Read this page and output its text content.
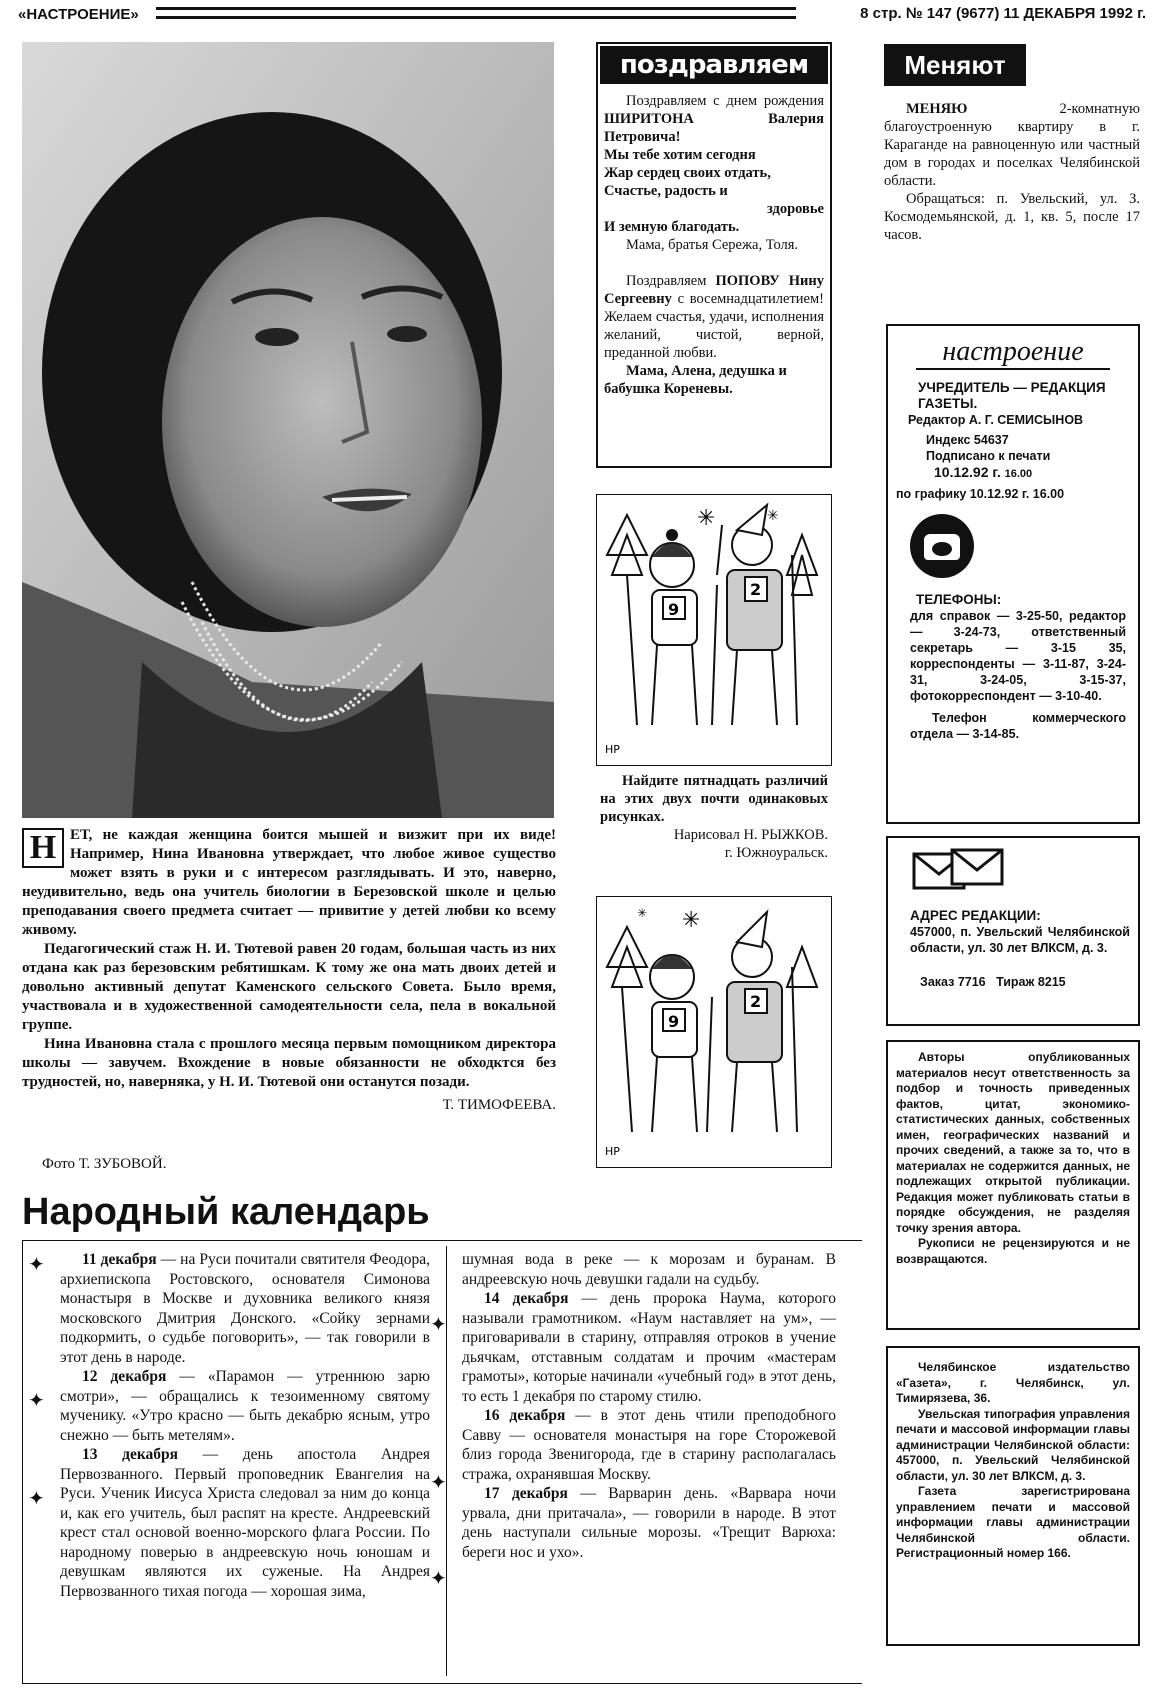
«НАСТРОЕНИЕ»	8 стр. № 147 (9677) 11 ДЕКАБРЯ 1992 г.
Н ЕТ, не каждая женщина боится мышей и визжит при их виде! Например, Нина Ивановна утверждает, что любое живое существо может взять в руки и с интересом разглядывать. И это, наверно, неудивительно, ведь она учитель биологии в Березовской школе и целью преподавания своего предмета считает — привитие у детей любви ко всему живому.

Педагогический стаж Н. И. Тютевой равен 20 годам, большая часть из них отдана как раз березовским ребятишкам. К тому же она мать двоих детей и довольно активный депутат Каменского сельского Совета. Было время, участвовала и в художественной самодеятельности села, пела в вокальной группе.

Нина Ивановна стала с прошлого месяца первым помощником директора школы — завучем. Вхождение в новые обязанности не обходктся без трудностей, но, наверняка, у Н. И. Тютевой они останутся позади.

Т. ТИМОФЕЕВА.

Фото Т. ЗУБОВОЙ.
поздравляем

Поздравляем с днем рождения ШИРИТОНА Валерия Петровича!

Мы тебе хотим сегодня

Жар сердец своих отдать,

Счастье, радость и

здоровье

И земную благодать.

Мама, братья Сережа, Толя.

Поздравляем ПОПОВУ Нину Сергеевну с восемнадцатилетием! Желаем счастья, удачи, исполнения желаний, чистой, верной, преданной любви.

Мама, Алена, дедушка и бабушка Кореневы.

✳	✳
9
2
НР

Найдите пятнадцать различий на этих двух почти одинаковых рисунках.

Нарисовал Н. РЫЖКОВ.

г. Южноуральск.

✳
✳
9
2
НР
Меняют

МЕНЯЮ 2-комнатную благоустроенную квартиру в г. Караганде на равноценную или частный дом в городах и поселках Челябинской области.

Обращаться: п. Увельский, ул. З. Космодемьянской, д. 1, кв. 5, после 17 часов.

настроение

УЧРЕДИТЕЛЬ — РЕДАКЦИЯ ГАЗЕТЫ.

Редактор А. Г. СЕМИСЫНОВ

Индекс 54637

Подписано к печати

10.12.92 г. 16.00

по графику 10.12.92 г. 16.00

ТЕЛЕФОНЫ:

для справок — 3-25-50, редактор — 3-24-73, ответственный секретарь — 3-15 35, корреспонденты — 3-11-87, 3-24-31, 3-24-05, 3-15-37, фотокорреспондент — 3-10-40.

Телефон коммерческого отдела — 3-14-85.

АДРЕС РЕДАКЦИИ:

457000, п. Увельский Челябинской области, ул. 30 лет ВЛКСМ, д. 3.

Заказ 7716 Тираж 8215

Авторы опубликованных материалов несут ответственность за подбор и точность приведенных фактов, цитат, экономико-статистических данных, собственных имен, географических названий и прочих сведений, а также за то, что в материалах не содержится данных, не подлежащих открытой публикации. Редакция может публиковать статьи в порядке обсуждения, не разделяя точку зрения автора.

Рукописи не рецензируются и не возвращаются.

Челябинское издательство «Газета», г. Челябинск, ул. Тимирязева, 36.

Увельская типография управления печати и массовой информации главы администрации Челябинской области: 457000, п. Увельский Челябинской области, ул. 30 лет ВЛКСМ, д. 3.

Газета зарегистрирована управлением печати и массовой информации главы администрации Челябинской области. Регистрационный номер 166.

Народный календарь

11 декабря — на Руси почитали святителя Феодора, архиепископа Ростовского, основателя Симонова монастыря в Москве и духовника великого князя московского Дмитрия Донского. «Сойку зернами подкормить, о судьбе поговорить», — так говорили в этот день в народе.

12 декабря — «Парамон — утреннюю зарю смотри», — обращались к тезоименному святому мученику. «Утро красно — быть декабрю ясным, утро снежно — быть метелям».

13 декабря — день апостола Андрея Первозванного. Первый проповедник Евангелия на Руси. Ученик Иисуса Христа следовал за ним до конца и, как его учитель, был распят на кресте. Андреевский крест стал основой военно-морского флага России. По народному поверью в андреевскую ночь юношам и девушкам являются их суженые. На Андрея Первозванного тихая погода — хорошая зима,

✦
✦
✦

шумная вода в реке — к морозам и буранам. В андреевскую ночь девушки гадали на судьбу.

14 декабря — день пророка Наума, которого называли грамотником. «Наум наставляет на ум», — приговаривали в старину, отправляя отроков в учение дьячкам, отставным солдатам и прочим «мастерам грамоты», которые начинали «учебный год» в этот день, то есть 1 декабря по старому стилю.

16 декабря — в этот день чтили преподобного Савву — основателя монастыря на горе Сторожевой близ города Звенигорода, где в старину располагалась стража, охранявшая Москву.

17 декабря — Варварин день. «Варвара ночи урвала, дни притачала», — говорили в народе. В этот день наступали сильные морозы. «Трещит Варюха: береги нос и ухо».

✦
✦
✦
